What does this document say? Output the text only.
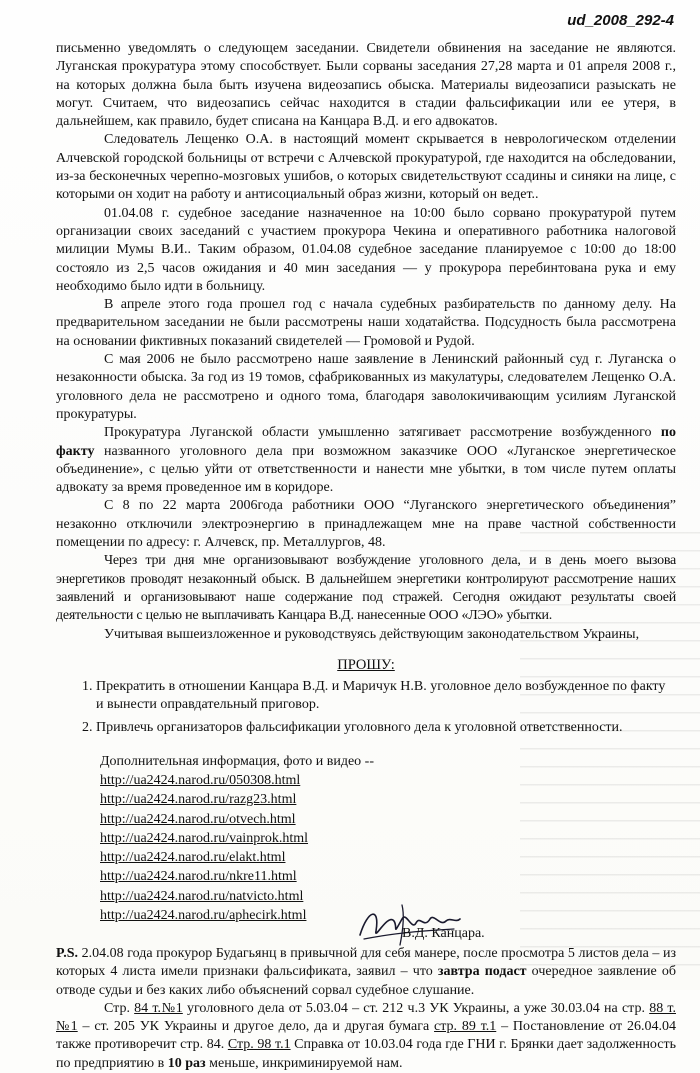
ud_2008_292-4

письменно уведомлять о следующем заседании. Свидетели обвинения на заседание не являются. Луганская прокуратура этому способствует. Были сорваны заседания 27,28 марта и 01 апреля 2008 г., на которых должна была быть изучена видеозапись обыска. Материалы видеозаписи разыскать не могут. Считаем, что видеозапись сейчас находится в стадии фальсификации или ее утеря, в дальнейшем, как правило, будет списана на Канцара В.Д. и его адвокатов.

Следователь Лещенко О.А. в настоящий момент скрывается в неврологическом отделении Алчевской городской больницы от встречи с Алчевской прокуратурой, где находится на обследовании, из-за бесконечных черепно-мозговых ушибов, о которых свидетельствуют ссадины и синяки на лице, с которыми он ходит на работу и антисоциальный образ жизни, который он ведет..

01.04.08 г. судебное заседание назначенное на 10:00 было сорвано прокуратурой путем организации своих заседаний с участием прокурора Чекина и оперативного работника налоговой милиции Мумы В.И.. Таким образом, 01.04.08 судебное заседание планируемое с 10:00 до 18:00 состояло из 2,5 часов ожидания и 40 мин заседания — у прокурора перебинтована рука и ему необходимо было идти в больницу.

В апреле этого года прошел год с начала судебных разбирательств по данному делу. На предварительном заседании не были рассмотрены наши ходатайства. Подсудность была рассмотрена на основании фиктивных показаний свидетелей — Громовой и Рудой.

С мая 2006 не было рассмотрено наше заявление в Ленинский районный суд г. Луганска о незаконности обыска. За год из 19 томов, сфабрикованных из макулатуры, следователем Лещенко О.А. уголовного дела не рассмотрено и одного тома, благодаря заволокичивающим усилиям Луганской прокуратуры.

Прокуратура Луганской области умышленно затягивает рассмотрение возбужденного по факту названного уголовного дела при возможном заказчике ООО «Луганское энергетическое объединение», с целью уйти от ответственности и нанести мне убытки, в том числе путем оплаты адвокату за время проведенное им в коридоре.

С 8 по 22 марта 2006года работники ООО “Луганского энергетического объединения” незаконно отключили электроэнергию в принадлежащем мне на праве частной собственности помещении по адресу: г. Алчевск, пр. Металлургов, 48.

Через три дня мне организовывают возбуждение уголовного дела, и в день моего вызова энергетиков проводят незаконный обыск. В дальнейшем энергетики контролируют рассмотрение наших заявлений и организовывают наше содержание под стражей. Сегодня ожидают результаты своей деятельности с целью не выплачивать Канцара В.Д. нанесенные ООО «ЛЭО» убытки.

Учитывая вышеизложенное и руководствуясь действующим законодательством Украины,

ПРОШУ:
1. Прекратить в отношении Канцара В.Д. и Маричук Н.В. уголовное дело возбужденное по факту и вынести оправдательный приговор.
2. Привлечь организаторов фальсификации уголовного дела к уголовной ответственности.
Дополнительная информация, фото и видео --
http://ua2424.narod.ru/050308.html
http://ua2424.narod.ru/razg23.html
http://ua2424.narod.ru/otvech.html
http://ua2424.narod.ru/vainprok.html
http://ua2424.narod.ru/elakt.html
http://ua2424.narod.ru/nkre11.html
http://ua2424.narod.ru/natvicto.html
http://ua2424.narod.ru/aphecirk.html
В.Д. Канцара.

P.S. 2.04.08 года прокурор Будагьянц в привычной для себя манере, после просмотра 5 листов дела – из которых 4 листа имели признаки фальсификата, заявил – что завтра подаст очередное заявление об отводе судьи и без каких либо объяснений сорвал судебное слушание.

Стр. 84 т.№1 уголовного дела от 5.03.04 – ст. 212 ч.3 УК Украины, а уже 30.03.04 на стр. 88 т.№1 – ст. 205 УК Украины и другое дело, да и другая бумага стр. 89 т.1 – Постановление от 26.04.04 также противоречит стр. 84. Стр. 98 т.1 Справка от 10.03.04 года где ГНИ г. Брянки дает задолженность по предприятию в 10 раз меньше, инкриминируемой нам.
